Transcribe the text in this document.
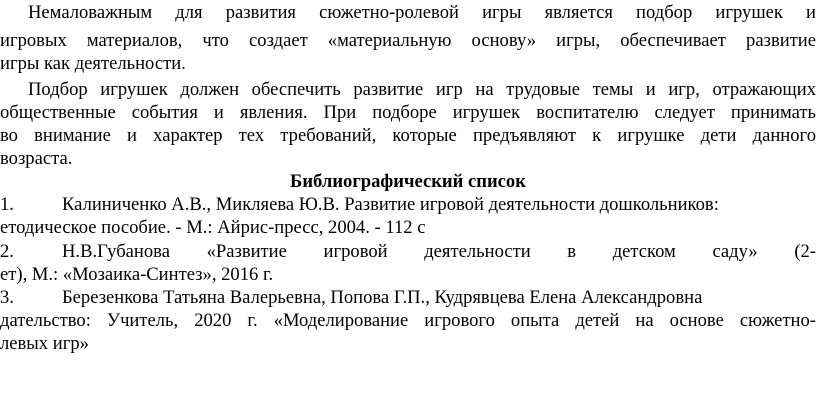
Немаловажным для развития сюжетно-ролевой игры является подбор игрушек и
игровых материалов, что создает «материальную основу» игры, обеспечивает развитие
игры как деятельности.
Подбор игрушек должен обеспечить развитие игр на трудовые темы и игр, отражающих
общественные события и явления. При подборе игрушек воспитателю следует принимать
во внимание и характер тех требований, которые предъявляют к игрушке дети данного
возраста.
Библиографический список
1.	Калиниченко А.В., Микляева Ю.В. Развитие игровой деятельности дошкольников:
етодическое пособие. - М.: Айрис-пресс, 2004. - 112 с
2.	Н.В.Губанова «Развитие игровой деятельности в детском саду» (2-
ет), М.: «Мозаика-Синтез», 2016 г.
3.	Березенкова Татьяна Валерьевна, Попова Г.П., Кудрявцева Елена Александровна
дательство: Учитель, 2020 г. «Моделирование игрового опыта детей на основе сюжетно-
левых игр»
